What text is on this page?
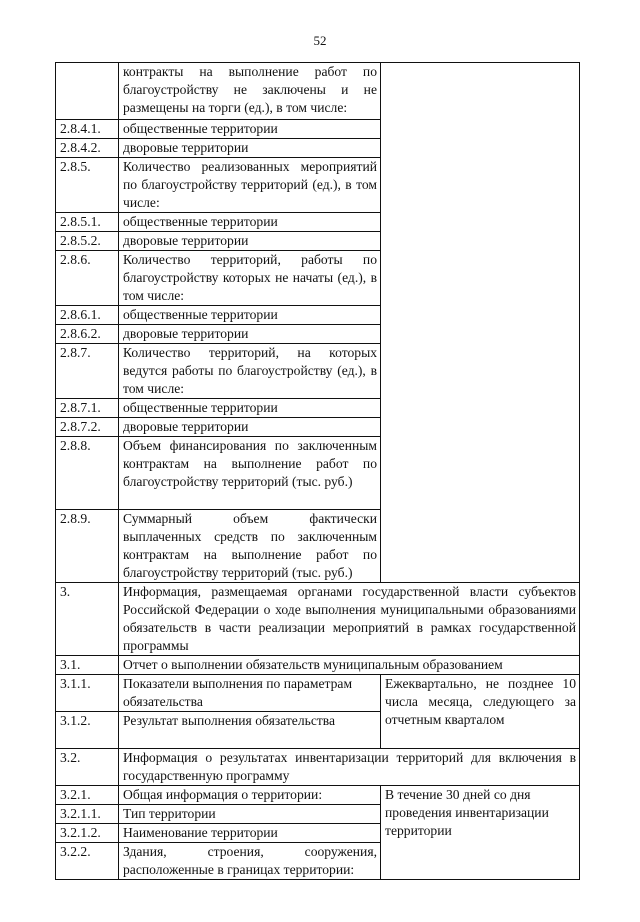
52
	контракты на выполнение работ по благоустройству не заключены и не размещены на торги (ед.), в том числе:	
2.8.4.1.	общественные территории	
2.8.4.2.	дворовые территории	
2.8.5.	Количество реализованных мероприятий по благоустройству территорий (ед.), в том числе:	
2.8.5.1.	общественные территории	
2.8.5.2.	дворовые территории	
2.8.6.	Количество территорий, работы по благоустройству которых не начаты (ед.), в том числе:	
2.8.6.1.	общественные территории	
2.8.6.2.	дворовые территории	
2.8.7.	Количество территорий, на которых ведутся работы по благоустройству (ед.), в том числе:	
2.8.7.1.	общественные территории	
2.8.7.2.	дворовые территории	
2.8.8.	Объем финансирования по заключенным контрактам на выполнение работ по благоустройству территорий (тыс. руб.)	
2.8.9.	Суммарный объем фактически выплаченных средств по заключенным контрактам на выполнение работ по благоустройству территорий (тыс. руб.)	
3.	Информация, размещаемая органами государственной власти субъектов Российской Федерации о ходе выполнения муниципальными образованиями обязательств в части реализации мероприятий в рамках государственной программы	
3.1.	Отчет о выполнении обязательств муниципальным образованием	
3.1.1.	Показатели выполнения по параметрам обязательства	Ежеквартально, не позднее 10 числа месяца, следующего за отчетным кварталом
3.1.2.	Результат выполнения обязательства	
3.2.	Информация о результатах инвентаризации территорий для включения в государственную программу	
3.2.1.	Общая информация о территории:	В течение 30 дней со дня проведения инвентаризации территории
3.2.1.1.	Тип территории	
3.2.1.2.	Наименование территории	
3.2.2.	Здания, строения, сооружения, расположенные в границах территории:	
